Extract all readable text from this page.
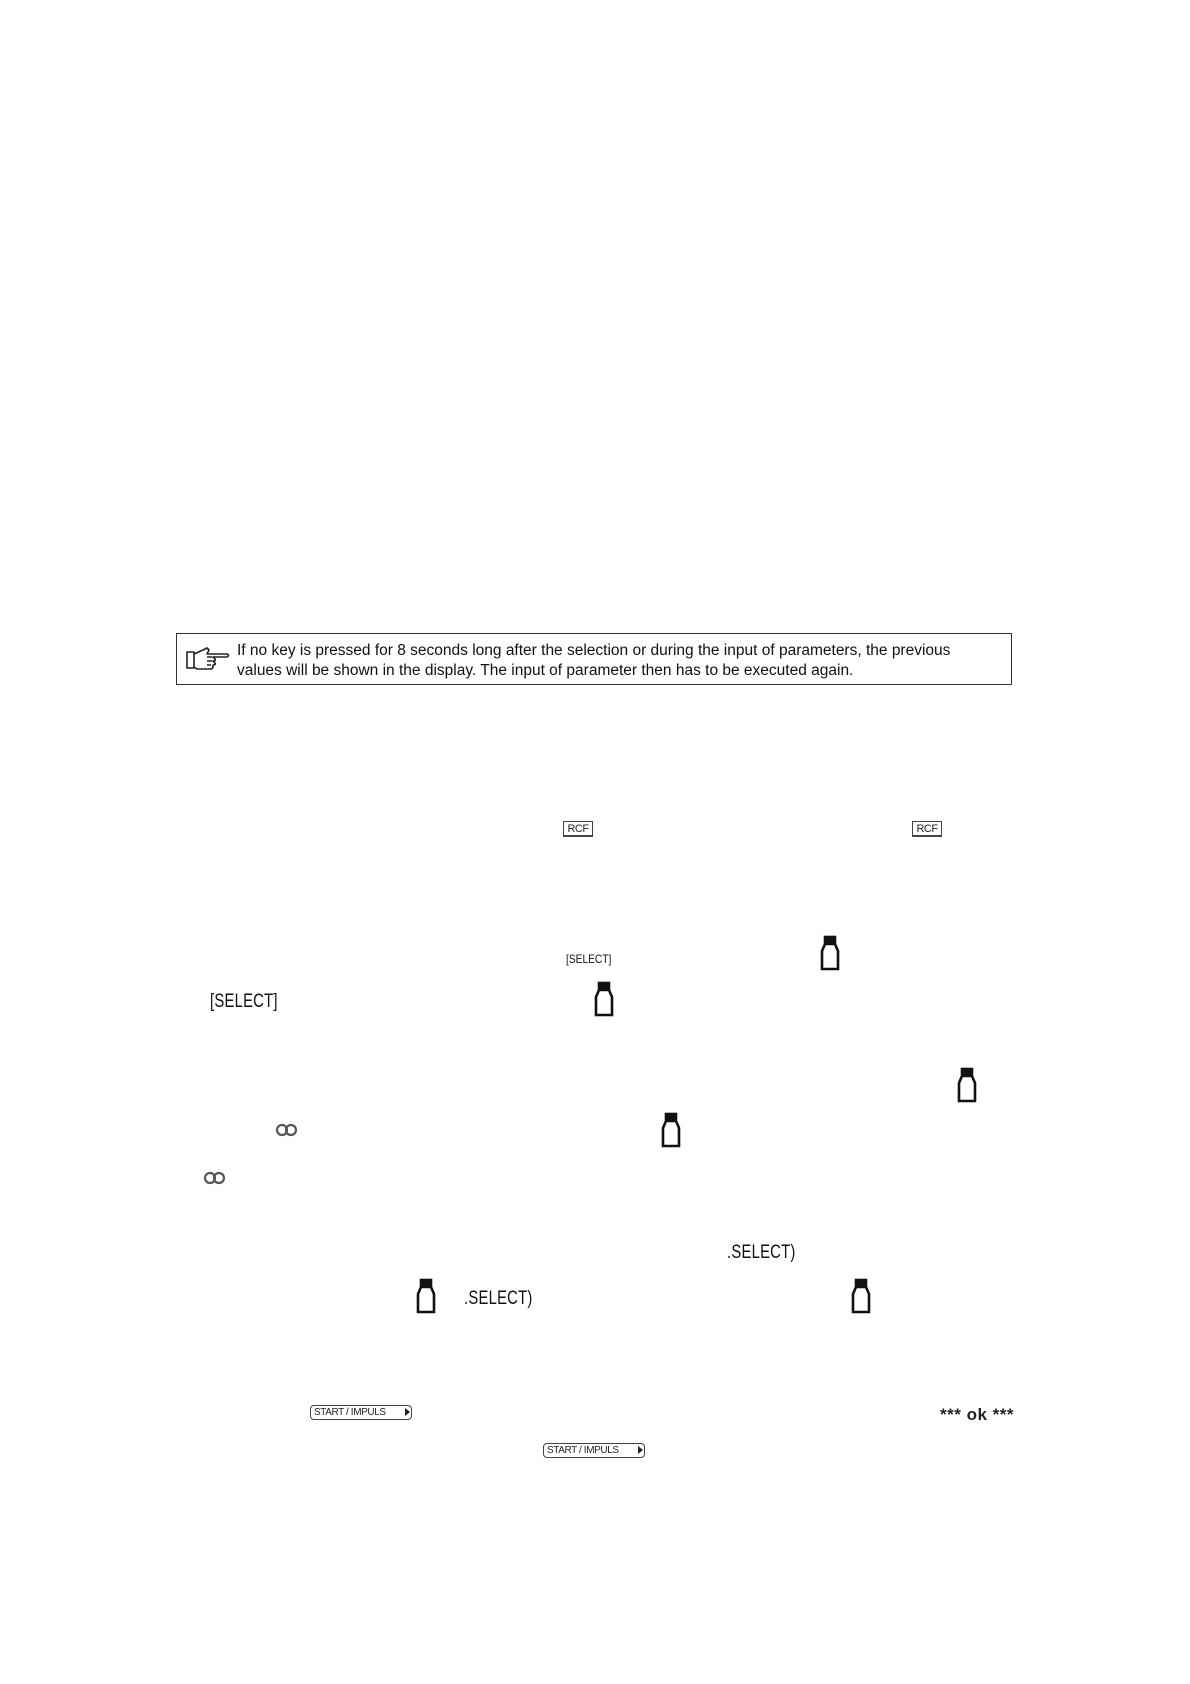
If no key is pressed for 8 seconds long after the selection or during the input of parameters, the previous
values will be shown in the display. The input of parameter then has to be executed again.
RCF	RCF
[SELECT]
[SELECT]
.SELECT)
.SELECT)
START / IMPULS	*** ok ***
START / IMPULS
